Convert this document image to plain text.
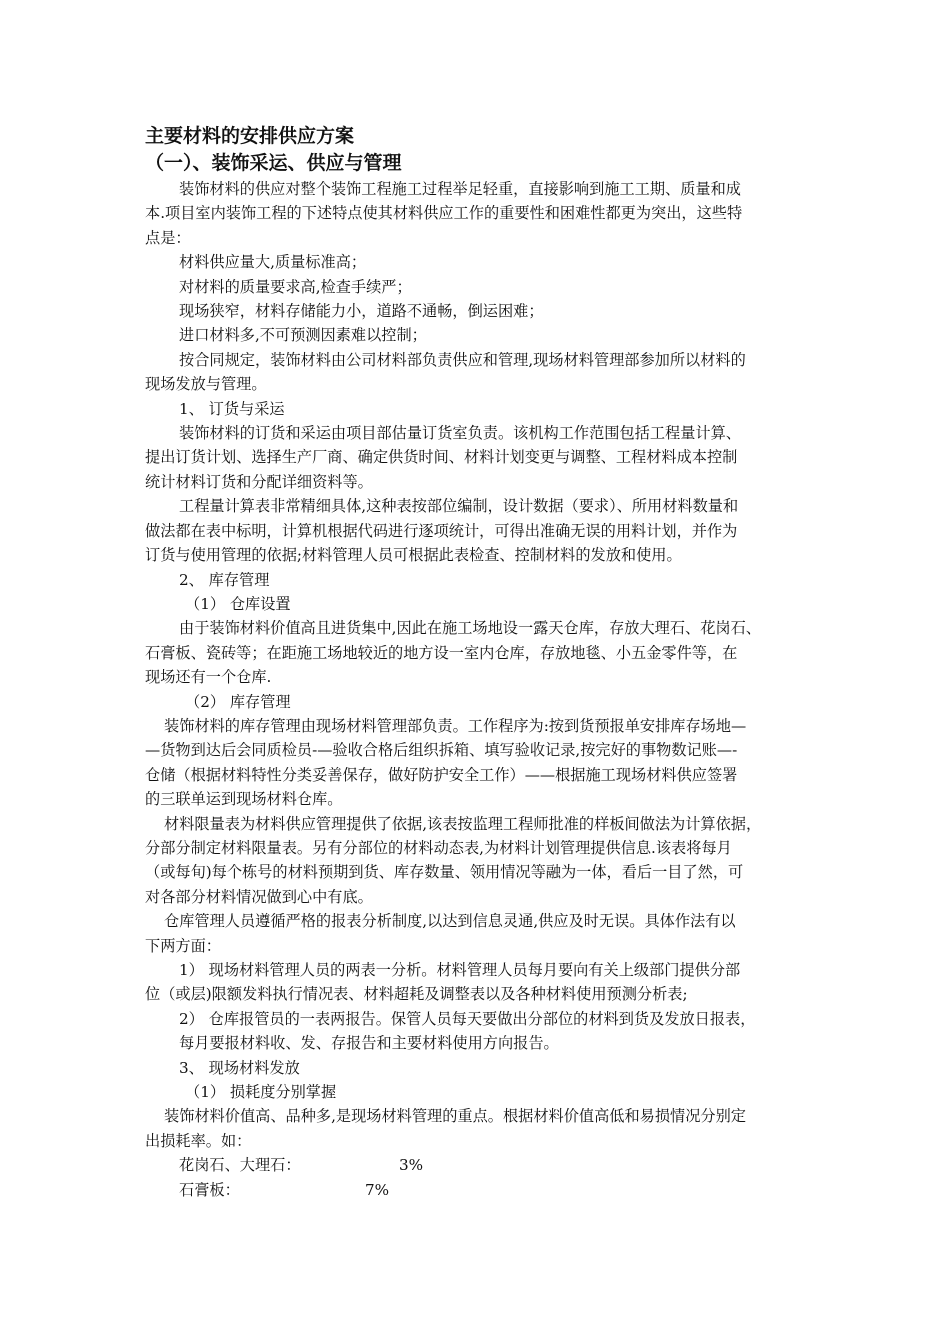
主要材料的安排供应方案
（一）、装饰采运、供应与管理

装饰材料的供应对整个装饰工程施工过程举足轻重，直接影响到施工工期、质量和成

本.项目室内装饰工程的下述特点使其材料供应工作的重要性和困难性都更为突出，这些特

点是：

材料供应量大,质量标准高；

对材料的质量要求高,检查手续严；

现场狭窄，材料存储能力小，道路不通畅，倒运困难；

进口材料多,不可预测因素难以控制；

按合同规定，装饰材料由公司材料部负责供应和管理,现场材料管理部参加所以材料的

现场发放与管理。

1、 订货与采运

装饰材料的订货和采运由项目部估量订货室负责。该机构工作范围包括工程量计算、

提出订货计划、选择生产厂商、确定供货时间、材料计划变更与调整、工程材料成本控制

统计材料订货和分配详细资料等。

工程量计算表非常精细具体,这种表按部位编制，设计数据（要求）、所用材料数量和

做法都在表中标明，计算机根据代码进行逐项统计，可得出准确无误的用料计划，并作为

订货与使用管理的依据;材料管理人员可根据此表检查、控制材料的发放和使用。

2、 库存管理

（1） 仓库设置

由于装饰材料价值高且进货集中,因此在施工场地设一露天仓库，存放大理石、花岗石、

石膏板、瓷砖等；在距施工场地较近的地方设一室内仓库，存放地毯、小五金零件等，在

现场还有一个仓库.

（2） 库存管理

装饰材料的库存管理由现场材料管理部负责。工作程序为:按到货预报单安排库存场地—

—货物到达后会同质检员-—验收合格后组织拆箱、填写验收记录,按完好的事物数记账—-

仓储（根据材料特性分类妥善保存，做好防护安全工作）——根据施工现场材料供应签署

的三联单运到现场材料仓库。

材料限量表为材料供应管理提供了依据,该表按监理工程师批准的样板间做法为计算依据，

分部分制定材料限量表。另有分部位的材料动态表,为材料计划管理提供信息.该表将每月

（或每旬)每个栋号的材料预期到货、库存数量、领用情况等融为一体，看后一目了然，可

对各部分材料情况做到心中有底。

仓库管理人员遵循严格的报表分析制度,以达到信息灵通,供应及时无误。具体作法有以

下两方面：

1） 现场材料管理人员的两表一分析。材料管理人员每月要向有关上级部门提供分部

位（或层)限额发料执行情况表、材料超耗及调整表以及各种材料使用预测分析表;

2） 仓库报管员的一表两报告。保管人员每天要做出分部位的材料到货及发放日报表，

每月要报材料收、发、存报告和主要材料使用方向报告。

3、 现场材料发放

（1） 损耗度分别掌握

装饰材料价值高、品种多,是现场材料管理的重点。根据材料价值高低和易损情况分别定

出损耗率。如：

花岗石、大理石：	3%

石膏板：	7%
